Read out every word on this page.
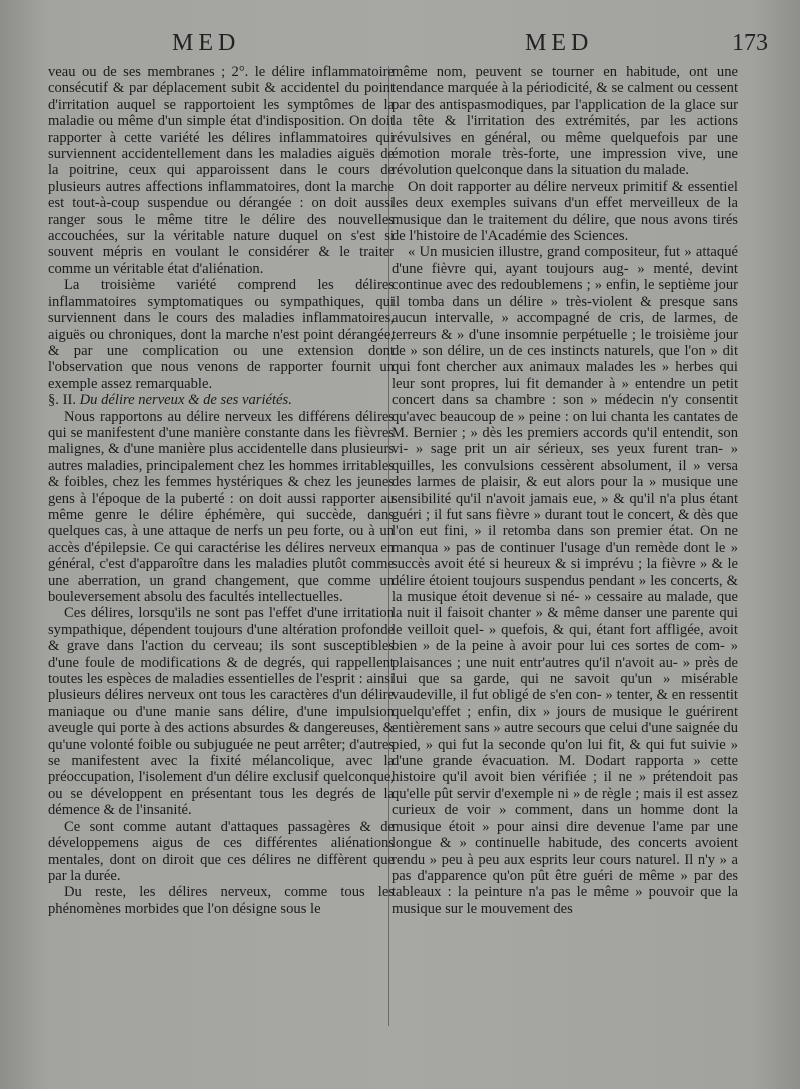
MED	MED	173

veau ou de ses membranes ; 2°. le délire inflammatoire consécutif & par déplacement subit & accidentel du point d'irritation auquel se rapportoient les symptômes de la maladie ou même d'un simple état d'indisposition. On doit rapporter à cette variété les délires inflammatoires qui surviennent accidentellement dans les maladies aiguës de la poitrine, ceux qui apparoissent dans le cours de plusieurs autres affections inflammatoires, dont la marche est tout-à-coup suspendue ou dérangée : on doit aussi ranger sous le même titre le délire des nouvelles accouchées, sur la véritable nature duquel on s'est si souvent mépris en voulant le considérer & le traiter comme un véritable état d'aliénation.

La troisième variété comprend les délires inflammatoires symptomatiques ou sympathiques, qui surviennent dans le cours des maladies inflammatoires, aiguës ou chroniques, dont la marche n'est point dérangée, & par une complication ou une extension dont l'observation que nous venons de rapporter fournit un exemple assez remarquable.

§. II. Du délire nerveux & de ses variétés.

Nous rapportons au délire nerveux les différens délires qui se manifestent d'une manière constante dans les fièvres malignes, & d'une manière plus accidentelle dans plusieurs autres maladies, principalement chez les hommes irritables & foibles, chez les femmes hystériques & chez les jeunes gens à l'époque de la puberté : on doit aussi rapporter au même genre le délire éphémère, qui succède, dans quelques cas, à une attaque de nerfs un peu forte, ou à un accès d'épilepsie. Ce qui caractérise les délires nerveux en général, c'est d'apparoître dans les maladies plutôt comme une aberration, un grand changement, que comme un bouleversement absolu des facultés intellectuelles.

Ces délires, lorsqu'ils ne sont pas l'effet d'une irritation sympathique, dépendent toujours d'une altération profonde & grave dans l'action du cerveau; ils sont susceptibles d'une foule de modifications & de degrés, qui rappellent toutes les espèces de maladies essentielles de l'esprit : ainsi plusieurs délires nerveux ont tous les caractères d'un délire maniaque ou d'une manie sans délire, d'une impulsion aveugle qui porte à des actions absurdes & dangereuses, & qu'une volonté foible ou subjuguée ne peut arrêter; d'autres se manifestent avec la fixité mélancolique, avec la préoccupation, l'isolement d'un délire exclusif quelconque, ou se développent en présentant tous les degrés de la démence & de l'insanité.

Ce sont comme autant d'attaques passagères & de développemens aigus de ces différentes aliénations mentales, dont on diroit que ces délires ne diffèrent que par la durée.

Du reste, les délires nerveux, comme tous les phénomènes morbides que l'on désigne sous le

même nom, peuvent se tourner en habitude, ont une tendance marquée à la périodicité, & se calment ou cessent par des antispasmodiques, par l'application de la glace sur la tête & l'irritation des extrémités, par les actions révulsives en général, ou même quelquefois par une émotion morale très-forte, une impression vive, une révolution quelconque dans la situation du malade.

On doit rapporter au délire nerveux primitif & essentiel les deux exemples suivans d'un effet merveilleux de la musique dan le traitement du délire, que nous avons tirés de l'histoire de l'Académie des Sciences.

« Un musicien illustre, grand compositeur, fut » attaqué d'une fièvre qui, ayant toujours aug- » menté, devint continue avec des redoublemens ; » enfin, le septième jour il tomba dans un délire » très-violent & presque sans aucun intervalle, » accompagné de cris, de larmes, de terreurs & » d'une insomnie perpétuelle ; le troisième jour de » son délire, un de ces instincts naturels, que l'on » dit qui font chercher aux animaux malades les » herbes qui leur sont propres, lui fit demander à » entendre un petit concert dans sa chambre : son » médecin n'y consentit qu'avec beaucoup de » peine : on lui chanta les cantates de M. Bernier ; » dès les premiers accords qu'il entendit, son vi- » sage prit un air sérieux, ses yeux furent tran- » quilles, les convulsions cessèrent absolument, il » versa des larmes de plaisir, & eut alors pour la » musique une sensibilité qu'il n'avoit jamais eue, » & qu'il n'a plus étant guéri ; il fut sans fièvre » durant tout le concert, & dès que l'on eut fini, » il retomba dans son premier état. On ne manqua » pas de continuer l'usage d'un remède dont le » succès avoit été si heureux & si imprévu ; la fièvre » & le délire étoient toujours suspendus pendant » les concerts, & la musique étoit devenue si né- » cessaire au malade, que la nuit il faisoit chanter » & même danser une parente qui le veilloit quel- » quefois, & qui, étant fort affligée, avoit bien » de la peine à avoir pour lui ces sortes de com- » plaisances ; une nuit entr'autres qu'il n'avoit au- » près de lui que sa garde, qui ne savoit qu'un » misérable vaudeville, il fut obligé de s'en con- » tenter, & en ressentit quelqu'effet ; enfin, dix » jours de musique le guérirent entièrement sans » autre secours que celui d'une saignée du pied, » qui fut la seconde qu'on lui fit, & qui fut suivie » d'une grande évacuation. M. Dodart rapporta » cette histoire qu'il avoit bien vérifiée ; il ne » prétendoit pas qu'elle pût servir d'exemple ni » de règle ; mais il est assez curieux de voir » comment, dans un homme dont la musique étoit » pour ainsi dire devenue l'ame par une longue & » continuelle habitude, des concerts avoient rendu » peu à peu aux esprits leur cours naturel. Il n'y » a pas d'apparence qu'on pût être guéri de même » par des tableaux : la peinture n'a pas le même » pouvoir que la musique sur le mouvement des
